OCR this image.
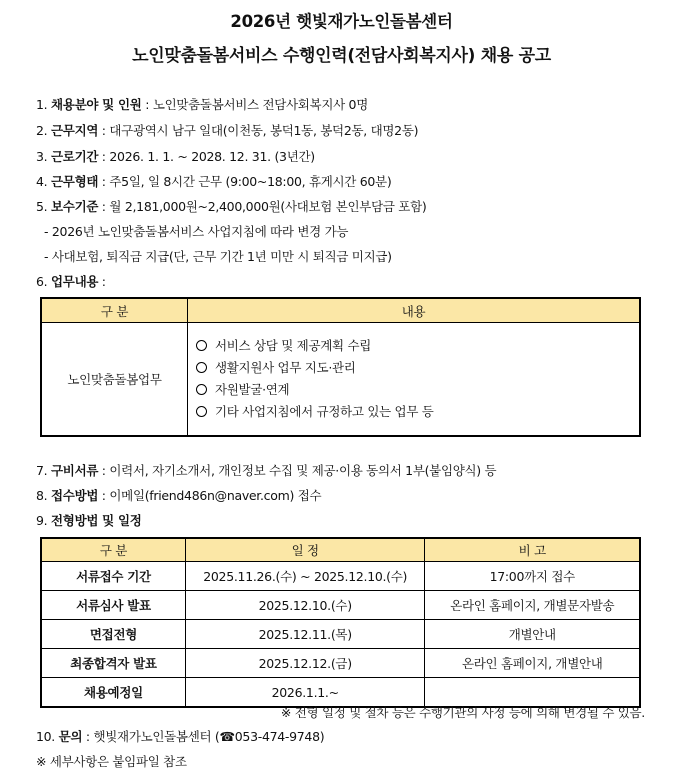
2026년 햇빛재가노인돌봄센터
노인맞춤돌봄서비스 수행인력(전담사회복지사) 채용 공고
1. 채용분야 및 인원 : 노인맞춤돌봄서비스 전담사회복지사 0명
2. 근무지역 : 대구광역시 남구 일대(이천동, 봉덕1동, 봉덕2동, 대명2동)
3. 근로기간 : 2026. 1. 1. ~ 2028. 12. 31. (3년간)
4. 근무형태 : 주5일, 일 8시간 근무 (9:00~18:00, 휴게시간 60분)
5. 보수기준 : 월 2,181,000원~2,400,000원(사대보험 본인부담금 포함)
- 2026년 노인맞춤돌봄서비스 사업지침에 따라 변경 가능
- 사대보험, 퇴직금 지급(단, 근무 기간 1년 미만 시 퇴직금 미지급)
6. 업무내용 :
구 분	내용
노인맞춤돌봄업무	서비스 상담 및 제공계획 수립
생활지원사 업무 지도·관리
자원발굴·연계
기타 사업지침에서 규정하고 있는 업무 등
7. 구비서류 : 이력서, 자기소개서, 개인정보 수집 및 제공·이용 동의서 1부(붙임양식) 등
8. 접수방법 : 이메일(friend486n@naver.com) 접수
9. 전형방법 및 일정
구 분	일 정	비 고
서류접수 기간	2025.11.26.(수) ~ 2025.12.10.(수)	17:00까지 접수
서류심사 발표	2025.12.10.(수)	온라인 홈페이지, 개별문자발송
면접전형	2025.12.11.(목)	개별안내
최종합격자 발표	2025.12.12.(금)	온라인 홈페이지, 개별안내
채용예정일	2026.1.1.~	
※ 전형 일정 및 절차 등은 수행기관의 사정 등에 의해 변경될 수 있음.
10. 문의 : 햇빛재가노인돌봄센터 (☎053-474-9748)
※ 세부사항은 붙임파일 참조
